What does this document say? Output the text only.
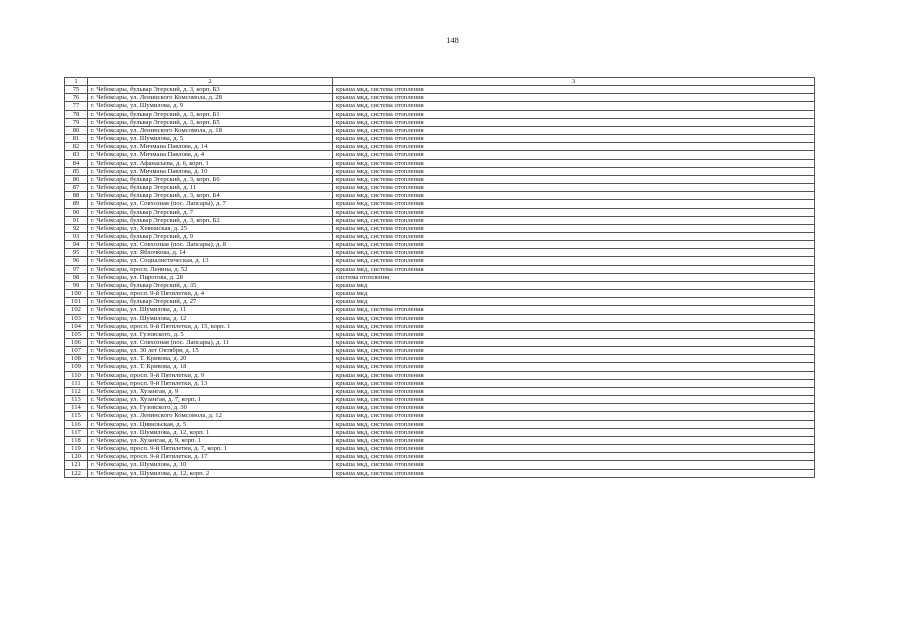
148
1	2	3
75	г. Чебоксары, бульвар Эгерский, д. 3, корп. Б3	крыша мкд, система отопления
76	г. Чебоксары, ул. Ленинского Комсомола, д. 28	крыша мкд, система отопления
77	г. Чебоксары, ул. Шумилова, д. 9	крыша мкд, система отопления
78	г. Чебоксары, бульвар Эгерский, д. 3, корп. Б1	крыша мкд, система отопления
79	г. Чебоксары, бульвар Эгерский, д. 3, корп. Б5	крыша мкд, система отопления
80	г. Чебоксары, ул. Ленинского Комсомола, д. 18	крыша мкд, система отопления
81	г. Чебоксары, ул. Шумилова, д. 5	крыша мкд, система отопления
82	г. Чебоксары, ул. Мичмана Павлова, д. 14	крыша мкд, система отопления
83	г. Чебоксары, ул. Мичмана Павлова, д. 4	крыша мкд, система отопления
84	г. Чебоксары, ул. Афанасьева, д. 6, корп. 1	крыша мкд, система отопления
85	г. Чебоксары, ул. Мичмана Павлова, д. 10	крыша мкд, система отопления
86	г. Чебоксары, бульвар Эгерский, д. 3, корп. Б6	крыша мкд, система отопления
87	г. Чебоксары, бульвар Эгерский, д. 11	крыша мкд, система отопления
88	г. Чебоксары, бульвар Эгерский, д. 3, корп. Б4	крыша мкд, система отопления
89	г. Чебоксары, ул. Совхозная (пос. Лапсары), д. 7	крыша мкд, система отопления
90	г. Чебоксары, бульвар Эгерский, д. 7	крыша мкд, система отопления
91	г. Чебоксары, бульвар Эгерский, д. 3, корп. Б2	крыша мкд, система отопления
92	г. Чебоксары, ул. Хевешская, д. 25	крыша мкд, система отопления
93	г. Чебоксары, бульвар Эгерский, д. 9	крыша мкд, система отопления
94	г. Чебоксары, ул. Совхозная (пос. Лапсары), д. 8	крыша мкд, система отопления
95	г. Чебоксары, ул. Яблочкова, д. 14	крыша мкд, система отопления
96	г. Чебоксары, ул. Социалистическая, д. 13	крыша мкд, система отопления
97	г. Чебоксары, просп. Ленина, д. 52	крыша мкд, система отопления
98	г. Чебоксары, ул. Пирогова, д. 28	система отопления
99	г. Чебоксары, бульвар Эгерский, д. 35	крыша мкд
100	г. Чебоксары, просп. 9-й Пятилетки, д. 4	крыша мкд
101	г. Чебоксары, бульвар Эгерский, д. 27	крыша мкд
102	г. Чебоксары, ул. Шумилова, д. 11	крыша мкд, система отопления
103	г. Чебоксары, ул. Шумилова, д. 12	крыша мкд, система отопления
104	г. Чебоксары, просп. 9-й Пятилетки, д. 15, корп. 1	крыша мкд, система отопления
105	г. Чебоксары, ул. Гузовского, д. 5	крыша мкд, система отопления
106	г. Чебоксары, ул. Совхозная (пос. Лапсары), д. 11	крыша мкд, система отопления
107	г. Чебоксары, ул. 30 лет Октября, д. 15	крыша мкд, система отопления
108	г. Чебоксары, ул. Т. Кривова, д. 20	крыша мкд, система отопления
109	г. Чебоксары, ул. Т. Кривова, д. 18	крыша мкд, система отопления
110	г. Чебоксары, просп. 9-й Пятилетки, д. 9	крыша мкд, система отопления
111	г. Чебоксары, просп. 9-й Пятилетки, д. 13	крыша мкд, система отопления
112	г. Чебоксары, ул. Хузангая, д. 9	крыша мкд, система отопления
113	г. Чебоксары, ул. Хузангая, д. 7, корп. 1	крыша мкд, система отопления
114	г. Чебоксары, ул. Гузовского, д. 30	крыша мкд, система отопления
115	г. Чебоксары, ул. Ленинского Комсомола, д. 12	крыша мкд, система отопления
116	г. Чебоксары, ул. Цивильская, д. 5	крыша мкд, система отопления
117	г. Чебоксары, ул. Шумилова, д. 12, корп. 1	крыша мкд, система отопления
118	г. Чебоксары, ул. Хузангая, д. 9, корп. 1	крыша мкд, система отопления
119	г. Чебоксары, просп. 9-й Пятилетки, д. 7, корп. 1	крыша мкд, система отопления
120	г. Чебоксары, просп. 9-й Пятилетки, д. 17	крыша мкд, система отопления
121	г. Чебоксары, ул. Шумилова, д. 10	крыша мкд, система отопления
122	г. Чебоксары, ул. Шумилова, д. 12, корп. 2	крыша мкд, система отопления
